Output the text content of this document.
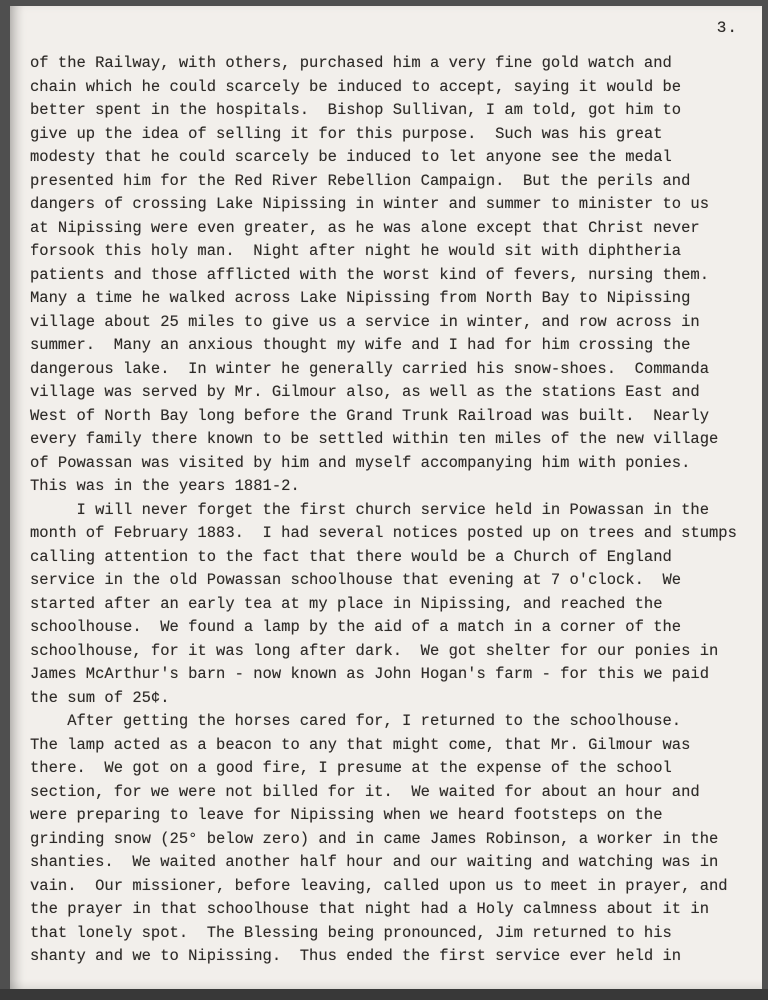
3.
of the Railway, with others, purchased him a very fine gold watch and
chain which he could scarcely be induced to accept, saying it would be
better spent in the hospitals.  Bishop Sullivan, I am told, got him to
give up the idea of selling it for this purpose.  Such was his great
modesty that he could scarcely be induced to let anyone see the medal
presented him for the Red River Rebellion Campaign.  But the perils and
dangers of crossing Lake Nipissing in winter and summer to minister to us
at Nipissing were even greater, as he was alone except that Christ never
forsook this holy man.  Night after night he would sit with diphtheria
patients and those afflicted with the worst kind of fevers, nursing them.
Many a time he walked across Lake Nipissing from North Bay to Nipissing
village about 25 miles to give us a service in winter, and row across in
summer.  Many an anxious thought my wife and I had for him crossing the
dangerous lake.  In winter he generally carried his snow-shoes.  Commanda
village was served by Mr. Gilmour also, as well as the stations East and
West of North Bay long before the Grand Trunk Railroad was built.  Nearly
every family there known to be settled within ten miles of the new village
of Powassan was visited by him and myself accompanying him with ponies.
This was in the years 1881-2.
I will never forget the first church service held in Powassan in the
month of February 1883.  I had several notices posted up on trees and stumps
calling attention to the fact that there would be a Church of England
service in the old Powassan schoolhouse that evening at 7 o'clock.  We
started after an early tea at my place in Nipissing, and reached the
schoolhouse.  We found a lamp by the aid of a match in a corner of the
schoolhouse, for it was long after dark.  We got shelter for our ponies in
James McArthur's barn - now known as John Hogan's farm - for this we paid
the sum of 25¢.
After getting the horses cared for, I returned to the schoolhouse.
The lamp acted as a beacon to any that might come, that Mr. Gilmour was
there.  We got on a good fire, I presume at the expense of the school
section, for we were not billed for it.  We waited for about an hour and
were preparing to leave for Nipissing when we heard footsteps on the
grinding snow (25° below zero) and in came James Robinson, a worker in the
shanties.  We waited another half hour and our waiting and watching was in
vain.  Our missioner, before leaving, called upon us to meet in prayer, and
the prayer in that schoolhouse that night had a Holy calmness about it in
that lonely spot.  The Blessing being pronounced, Jim returned to his
shanty and we to Nipissing.  Thus ended the first service ever held in
